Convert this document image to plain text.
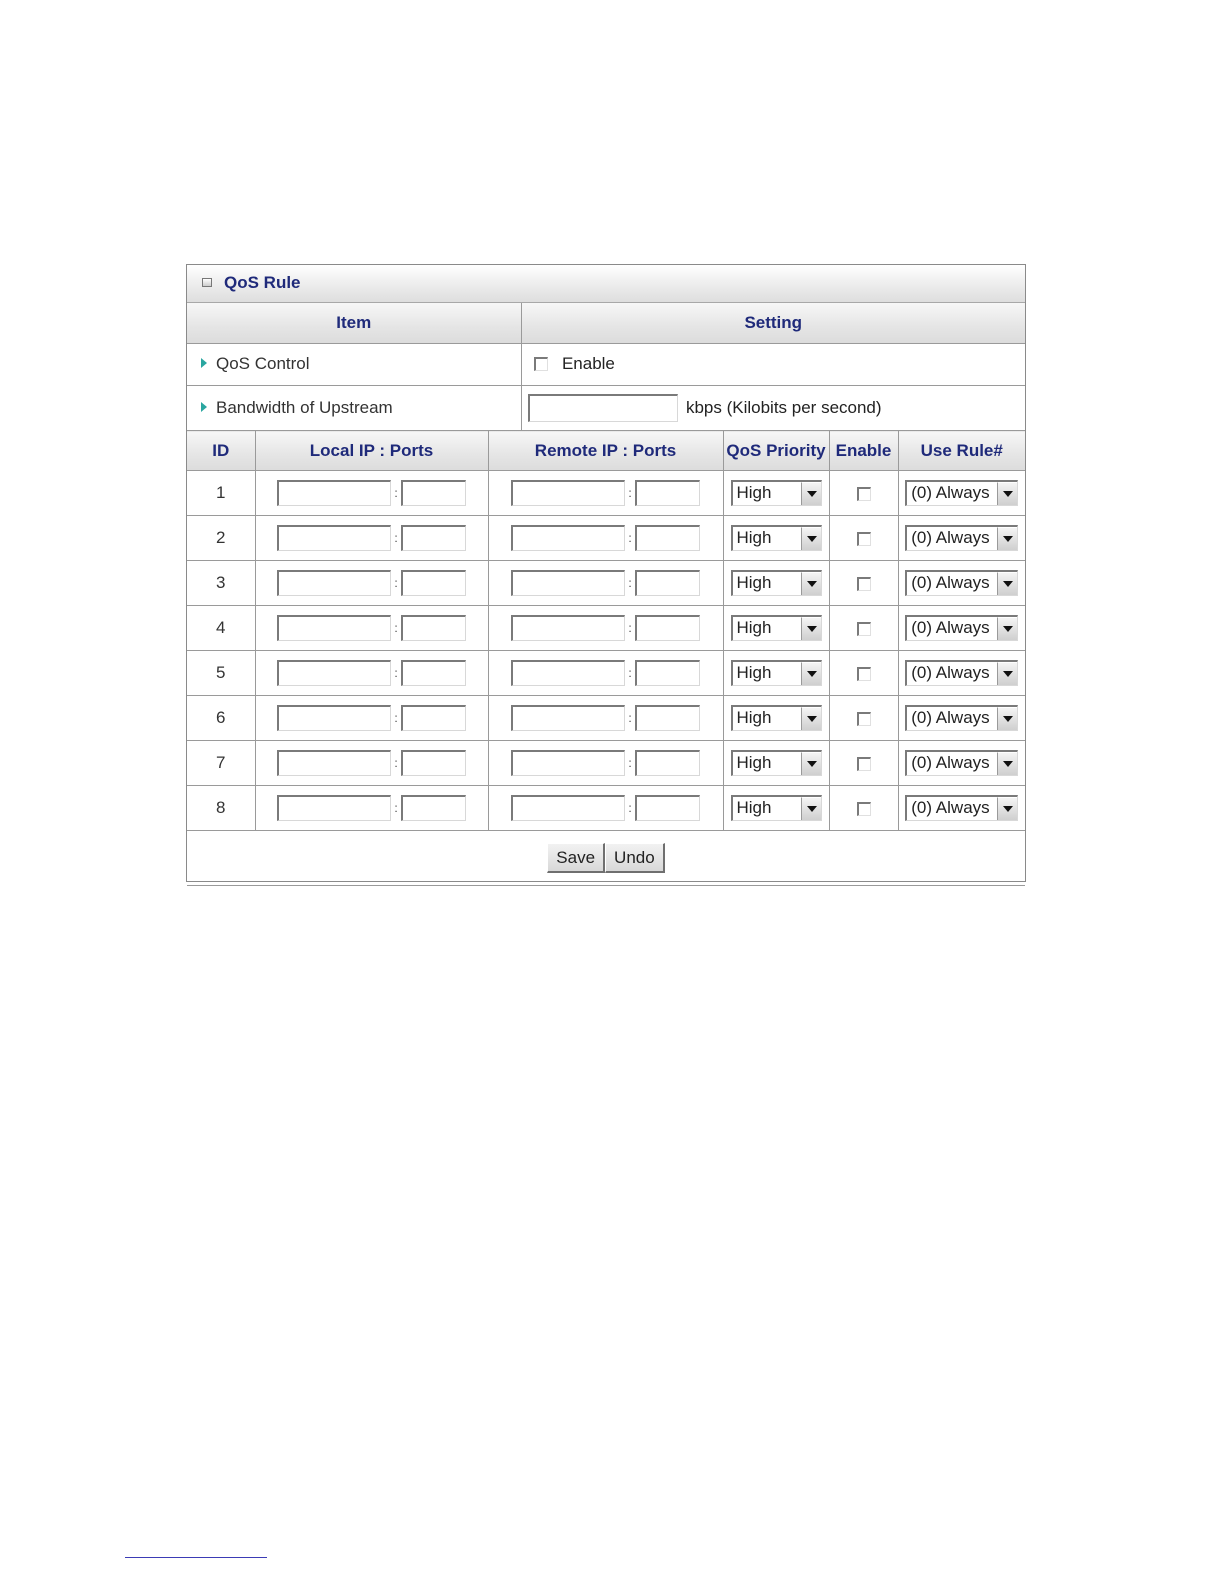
QoS Rule
Item	Setting
QoS Control	Enable
Bandwidth of Upstream	kbps (Kilobits per second)
ID	Local IP : Ports	Remote IP : Ports	QoS Priority	Enable	Use Rule#
1	:	:	High		(0) Always

2	:	:	High		(0) Always

3	:	:	High		(0) Always

4	:	:	High		(0) Always

5	:	:	High		(0) Always

6	:	:	High		(0) Always

7	:	:	High		(0) Always

8	:	:	High		(0) Always

Save Undo					
